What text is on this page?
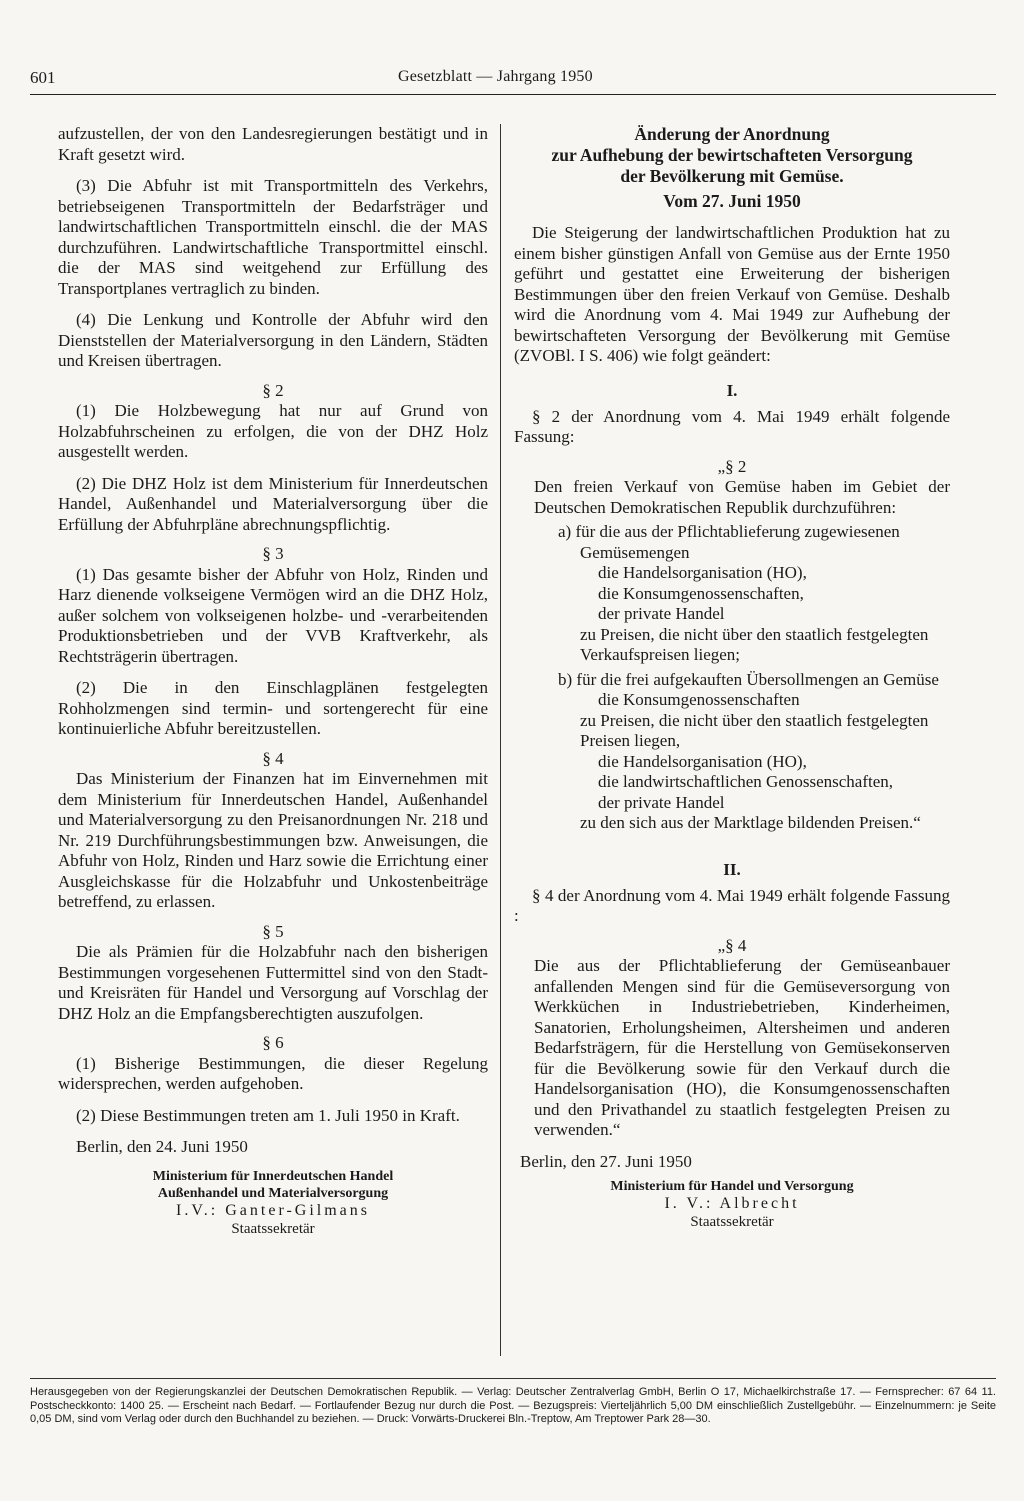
601	Gesetzblatt — Jahrgang 1950

aufzustellen, der von den Landesregierungen bestätigt und in Kraft gesetzt wird.

(3) Die Abfuhr ist mit Transportmitteln des Verkehrs, betriebseigenen Transportmitteln der Bedarfsträger und landwirtschaftlichen Transportmitteln einschl. die der MAS durchzuführen. Landwirtschaftliche Transportmittel einschl. die der MAS sind weitgehend zur Erfüllung des Transportplanes vertraglich zu binden.

(4) Die Lenkung und Kontrolle der Abfuhr wird den Dienststellen der Materialversorgung in den Ländern, Städten und Kreisen übertragen.

§ 2

(1) Die Holzbewegung hat nur auf Grund von Holzabfuhrscheinen zu erfolgen, die von der DHZ Holz ausgestellt werden.

(2) Die DHZ Holz ist dem Ministerium für Innerdeutschen Handel, Außenhandel und Materialversorgung über die Erfüllung der Abfuhrpläne abrechnungspflichtig.

§ 3

(1) Das gesamte bisher der Abfuhr von Holz, Rinden und Harz dienende volkseigene Vermögen wird an die DHZ Holz, außer solchem von volkseigenen holzbe- und -verarbeitenden Produktionsbetrieben und der VVB Kraftverkehr, als Rechtsträgerin übertragen.

(2) Die in den Einschlagplänen festgelegten Rohholzmengen sind termin- und sortengerecht für eine kontinuierliche Abfuhr bereitzustellen.

§ 4

Das Ministerium der Finanzen hat im Einvernehmen mit dem Ministerium für Innerdeutschen Handel, Außenhandel und Materialversorgung zu den Preisanordnungen Nr. 218 und Nr. 219 Durchführungsbestimmungen bzw. Anweisungen, die Abfuhr von Holz, Rinden und Harz sowie die Errichtung einer Ausgleichskasse für die Holzabfuhr und Unkostenbeiträge betreffend, zu erlassen.

§ 5

Die als Prämien für die Holzabfuhr nach den bisherigen Bestimmungen vorgesehenen Futtermittel sind von den Stadt- und Kreisräten für Handel und Versorgung auf Vorschlag der DHZ Holz an die Empfangsberechtigten auszufolgen.

§ 6

(1) Bisherige Bestimmungen, die dieser Regelung widersprechen, werden aufgehoben.

(2) Diese Bestimmungen treten am 1. Juli 1950 in Kraft.

Berlin, den 24. Juni 1950

Ministerium für Innerdeutschen Handel
Außenhandel und Materialversorgung
I.V.: Ganter-Gilmans
Staatssekretär
Änderung der Anordnung
zur Aufhebung der bewirtschafteten Versorgung
der Bevölkerung mit Gemüse.
Vom 27. Juni 1950

Die Steigerung der landwirtschaftlichen Produktion hat zu einem bisher günstigen Anfall von Gemüse aus der Ernte 1950 geführt und gestattet eine Erweiterung der bisherigen Bestimmungen über den freien Verkauf von Gemüse. Deshalb wird die Anordnung vom 4. Mai 1949 zur Aufhebung der bewirtschafteten Versorgung der Bevölkerung mit Gemüse (ZVOBl. I S. 406) wie folgt geändert:

I.

§ 2 der Anordnung vom 4. Mai 1949 erhält folgende Fassung:

„§ 2

Den freien Verkauf von Gemüse haben im Gebiet der Deutschen Demokratischen Republik durchzuführen:

a) für die aus der Pflichtablieferung zugewiesenen Gemüsemengen

die Handelsorganisation (HO),

die Konsumgenossenschaften,

der private Handel

zu Preisen, die nicht über den staatlich festgelegten Verkaufspreisen liegen;

b) für die frei aufgekauften Übersollmengen an Gemüse

die Konsumgenossenschaften

zu Preisen, die nicht über den staatlich festgelegten Preisen liegen,

die Handelsorganisation (HO),

die landwirtschaftlichen Genossenschaften,

der private Handel

zu den sich aus der Marktlage bildenden Preisen.“

II.

§ 4 der Anordnung vom 4. Mai 1949 erhält folgende Fassung :

„§ 4

Die aus der Pflichtablieferung der Gemüseanbauer anfallenden Mengen sind für die Gemüseversorgung von Werkküchen in Industriebetrieben, Kinderheimen, Sanatorien, Erholungsheimen, Altersheimen und anderen Bedarfsträgern, für die Herstellung von Gemüsekonserven für die Bevölkerung sowie für den Verkauf durch die Handelsorganisation (HO), die Konsumgenossenschaften und den Privathandel zu staatlich festgelegten Preisen zu verwenden.“

Berlin, den 27. Juni 1950

Ministerium für Handel und Versorgung
I. V.: Albrecht
Staatssekretär
Herausgegeben von der Regierungskanzlei der Deutschen Demokratischen Republik. — Verlag: Deutscher Zentralverlag GmbH, Berlin O 17, Michaelkirchstraße 17. — Fernsprecher: 67 64 11. Postscheckkonto: 1400 25. — Erscheint nach Bedarf. — Fortlaufender Bezug nur durch die Post. — Bezugspreis: Vierteljährlich 5,00 DM einschließlich Zustellgebühr. — Einzelnummern: je Seite 0,05 DM, sind vom Verlag oder durch den Buchhandel zu beziehen. — Druck: Vorwärts-Druckerei Bln.-Treptow, Am Treptower Park 28—30.
